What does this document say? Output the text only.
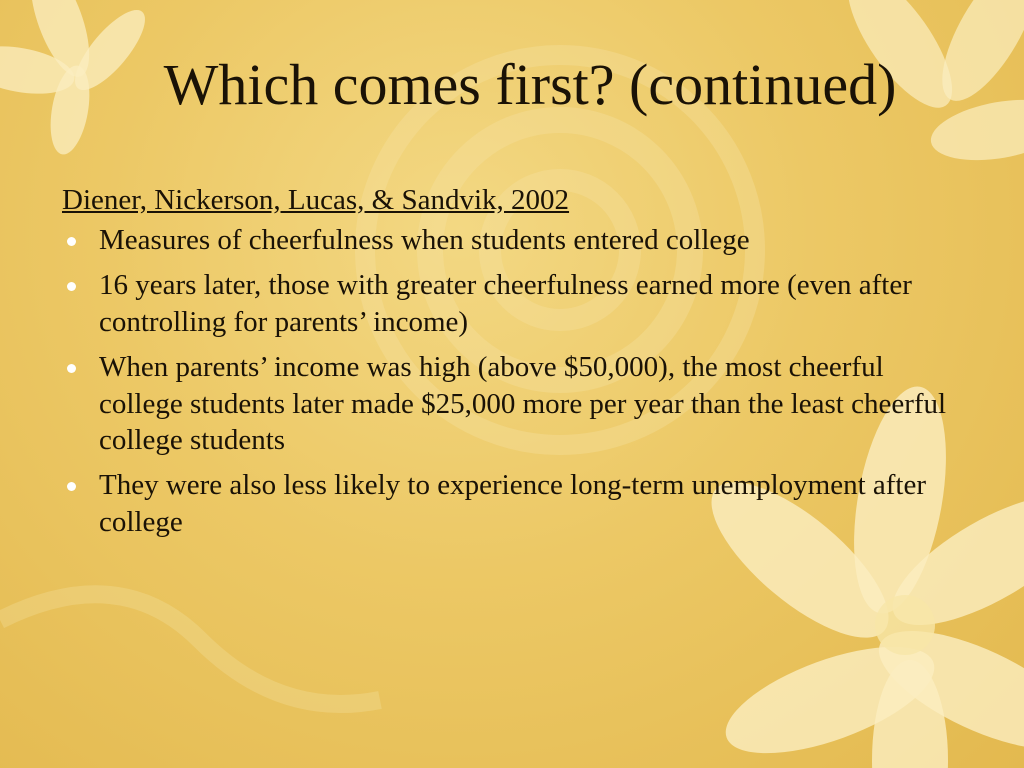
Which comes first? (continued)
Diener, Nickerson, Lucas, & Sandvik, 2002
Measures of cheerfulness when students entered college
16 years later, those with greater cheerfulness earned more (even after controlling for parents’ income)
When parents’ income was high (above $50,000), the most cheerful college students later made $25,000 more per year than the least cheerful college students
They were also less likely to experience long-term unemployment after college
